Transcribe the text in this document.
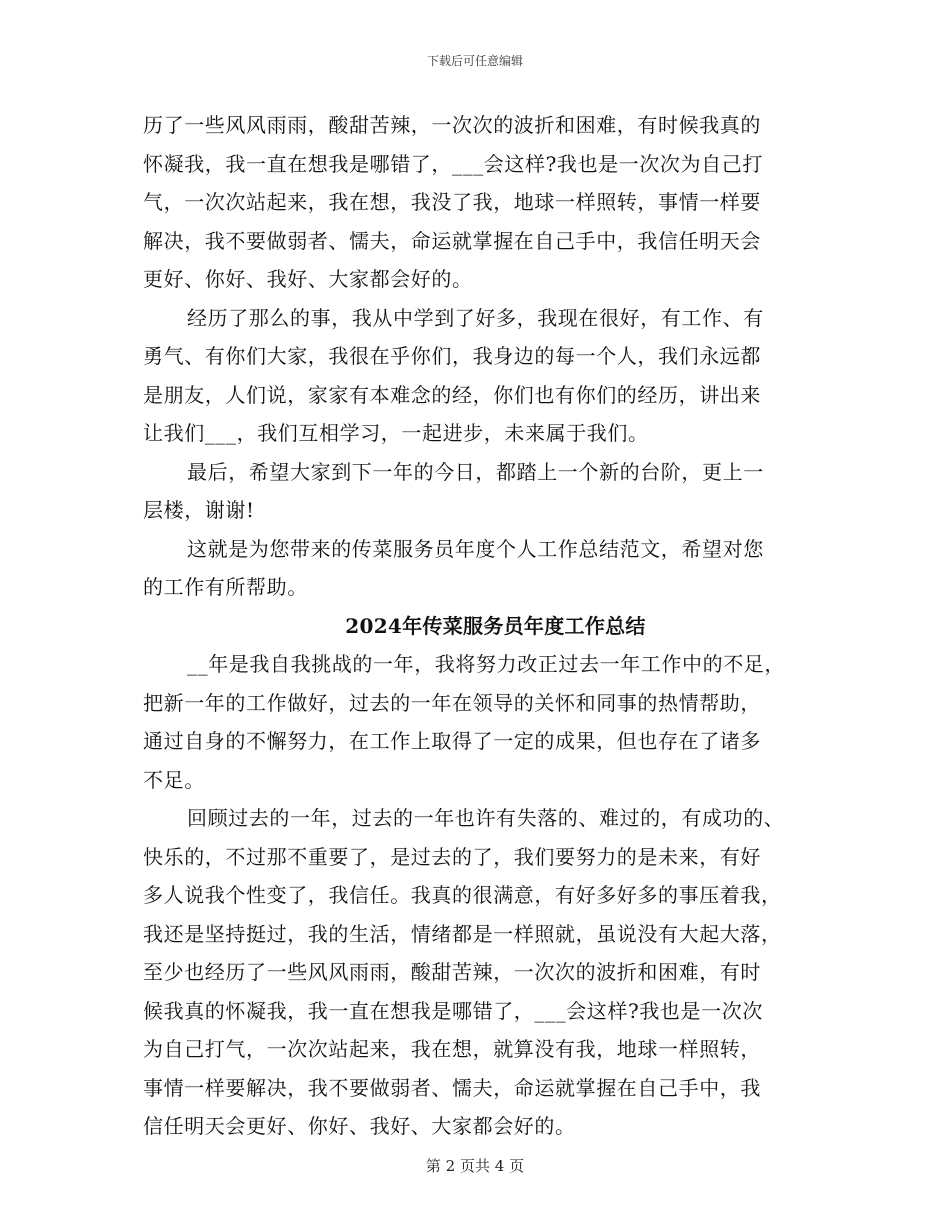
下载后可任意编辑
历了一些风风雨雨，酸甜苦辣，一次次的波折和困难，有时候我真的
怀凝我，我一直在想我是哪错了，___会这样?我也是一次次为自己打
气，一次次站起来，我在想，我没了我，地球一样照转，事情一样要
解决，我不要做弱者、懦夫，命运就掌握在自己手中，我信任明天会
更好、你好、我好、大家都会好的。
经历了那么的事，我从中学到了好多，我现在很好，有工作、有
勇气、有你们大家，我很在乎你们，我身边的每一个人，我们永远都
是朋友，人们说，家家有本难念的经，你们也有你们的经历，讲出来
让我们___，我们互相学习，一起进步，未来属于我们。
最后，希望大家到下一年的今日，都踏上一个新的台阶，更上一
层楼，谢谢!
这就是为您带来的传菜服务员年度个人工作总结范文，希望对您
的工作有所帮助。
2024年传菜服务员年度工作总结
__年是我自我挑战的一年，我将努力改正过去一年工作中的不足，
把新一年的工作做好，过去的一年在领导的关怀和同事的热情帮助，
通过自身的不懈努力，在工作上取得了一定的成果，但也存在了诸多
不足。
回顾过去的一年，过去的一年也许有失落的、难过的，有成功的、
快乐的，不过那不重要了，是过去的了，我们要努力的是未来，有好
多人说我个性变了，我信任。我真的很满意，有好多好多的事压着我，
我还是坚持挺过，我的生活，情绪都是一样照就，虽说没有大起大落，
至少也经历了一些风风雨雨，酸甜苦辣，一次次的波折和困难，有时
候我真的怀凝我，我一直在想我是哪错了，___会这样?我也是一次次
为自己打气，一次次站起来，我在想，就算没有我，地球一样照转，
事情一样要解决，我不要做弱者、懦夫，命运就掌握在自己手中，我
信任明天会更好、你好、我好、大家都会好的。
第 2 页共 4 页
